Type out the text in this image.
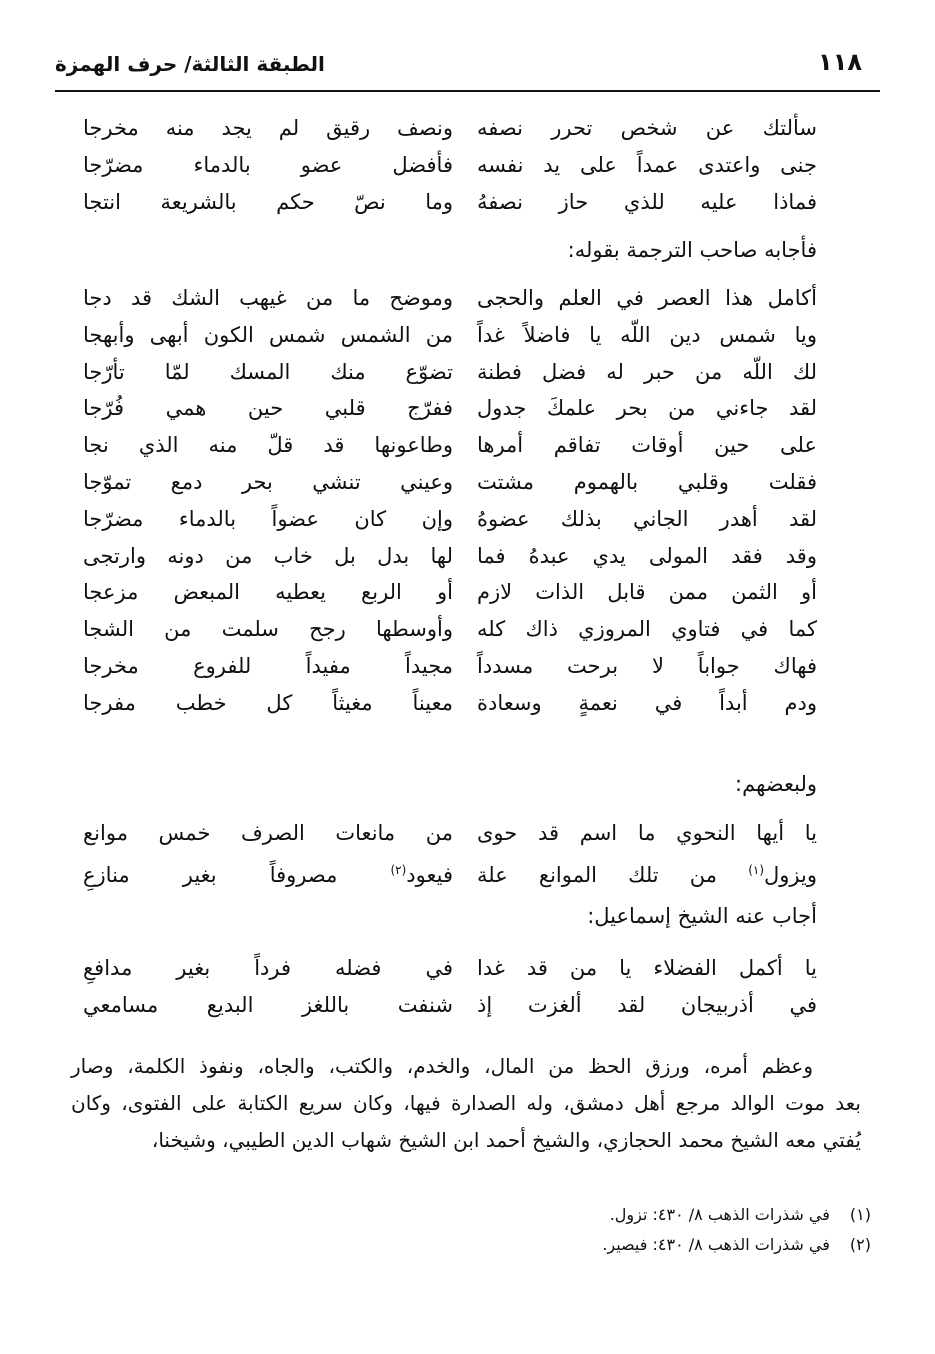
١١٨
الطبقة الثالثة/ حرف الهمزة
سألتك عن شخص تحرر نصفه
جنى واعتدى عمداً على يد نفسه
فماذا عليه للذي حاز نصفهُ
ونصف رقيق لم يجد منه مخرجا
فأفضل عضو بالدماء مضرّجا
وما نصّ حكم بالشريعة انتجا
فأجابه صاحب الترجمة بقوله:
أكامل هذا العصر في العلم والحجى
ويا شمس دين اللّه يا فاضلاً غداً
لك اللّه من حبر له فضل فطنة
لقد جاءني من بحر علمكَ جدول
على حين أوقات تفاقم أمرها
فقلت وقلبي بالهموم مشتت
لقد أهدر الجاني بذلك عضوهُ
وقد فقد المولى يدي عبدهُ فما
أو الثمن ممن قابل الذات لازم
كما في فتاوي المروزي ذاك كله
فهاك جواباً لا برحت مسدداً
ودم أبداً في نعمةٍ وسعادة
وموضح ما من غيهب الشك قد دجا
من الشمس شمس الكون أبهى وأبهجا
تضوّع منك المسك لمّا تأرّجا
ففرّج قلبي حين همي فُرّجا
وطاعونها قد قلّ منه الذي نجا
وعيني تنشي بحر دمع تموّجا
وإن كان عضواً بالدماء مضرّجا
لها بدل بل خاب من دونه وارتجى
أو الربع يعطيه المبعض مزعجا
وأوسطها رجح سلمت من الشجا
مجيداً مفيداً للفروع مخرجا
معيناً مغيثاً كل خطب مفرجا
ولبعضهم:
يا أيها النحوي ما اسم قد حوى
ويزول$^{(١)}$ من تلك الموانع علة
من مانعات الصرف خمس موانع
فيعود$^{(٢)}$ مصروفاً بغير منازعِ
أجاب عنه الشيخ إسماعيل:
يا أكمل الفضلاء يا من قد غدا
في أذربيجان لقد ألغزت إذ
في فضله فرداً بغير مدافعِ
شنفت باللغز البديع مسامعي
وعظم أمره، ورزق الحظ من المال، والخدم، والكتب، والجاه، ونفوذ الكلمة، وصار
بعد موت الوالد مرجع أهل دمشق، وله الصدارة فيها، وكان سريع الكتابة على الفتوى، وكان
يُفتي معه الشيخ محمد الحجازي، والشيخ أحمد ابن الشيخ شهاب الدين الطيبي، وشيخنا،
(١) في شذرات الذهب ٨/ ٤٣٠: تزول.
(٢) في شذرات الذهب ٨/ ٤٣٠: فيصير.
